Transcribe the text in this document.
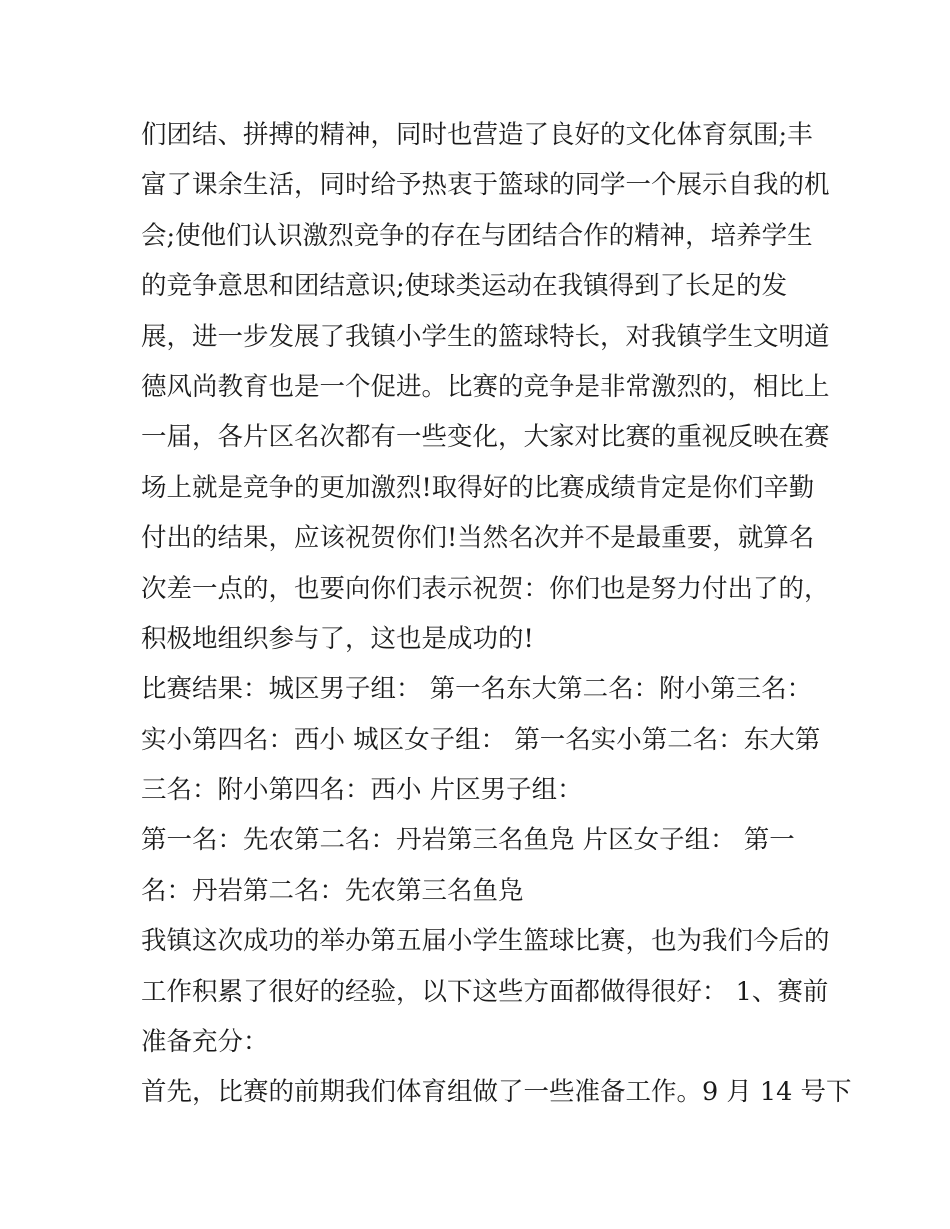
们团结、拼搏的精神，同时也营造了良好的文化体育氛围;丰
富了课余生活，同时给予热衷于篮球的同学一个展示自我的机
会;使他们认识激烈竞争的存在与团结合作的精神，培养学生
的竞争意思和团结意识;使球类运动在我镇得到了长足的发
展，进一步发展了我镇小学生的篮球特长，对我镇学生文明道
德风尚教育也是一个促进。比赛的竞争是非常激烈的，相比上
一届，各片区名次都有一些变化，大家对比赛的重视反映在赛
场上就是竞争的更加激烈!取得好的比赛成绩肯定是你们辛勤
付出的结果，应该祝贺你们!当然名次并不是最重要，就算名
次差一点的，也要向你们表示祝贺：你们也是努力付出了的，
积极地组织参与了，这也是成功的!
比赛结果：城区男子组： 第一名东大第二名：附小第三名：
实小第四名：西小 城区女子组： 第一名实小第二名：东大第
三名：附小第四名：西小 片区男子组：
第一名：先农第二名：丹岩第三名鱼凫 片区女子组： 第一
名：丹岩第二名：先农第三名鱼凫
我镇这次成功的举办第五届小学生篮球比赛，也为我们今后的
工作积累了很好的经验，以下这些方面都做得很好： 1、赛前
准备充分：
首先，比赛的前期我们体育组做了一些准备工作。9 月 14 号下
